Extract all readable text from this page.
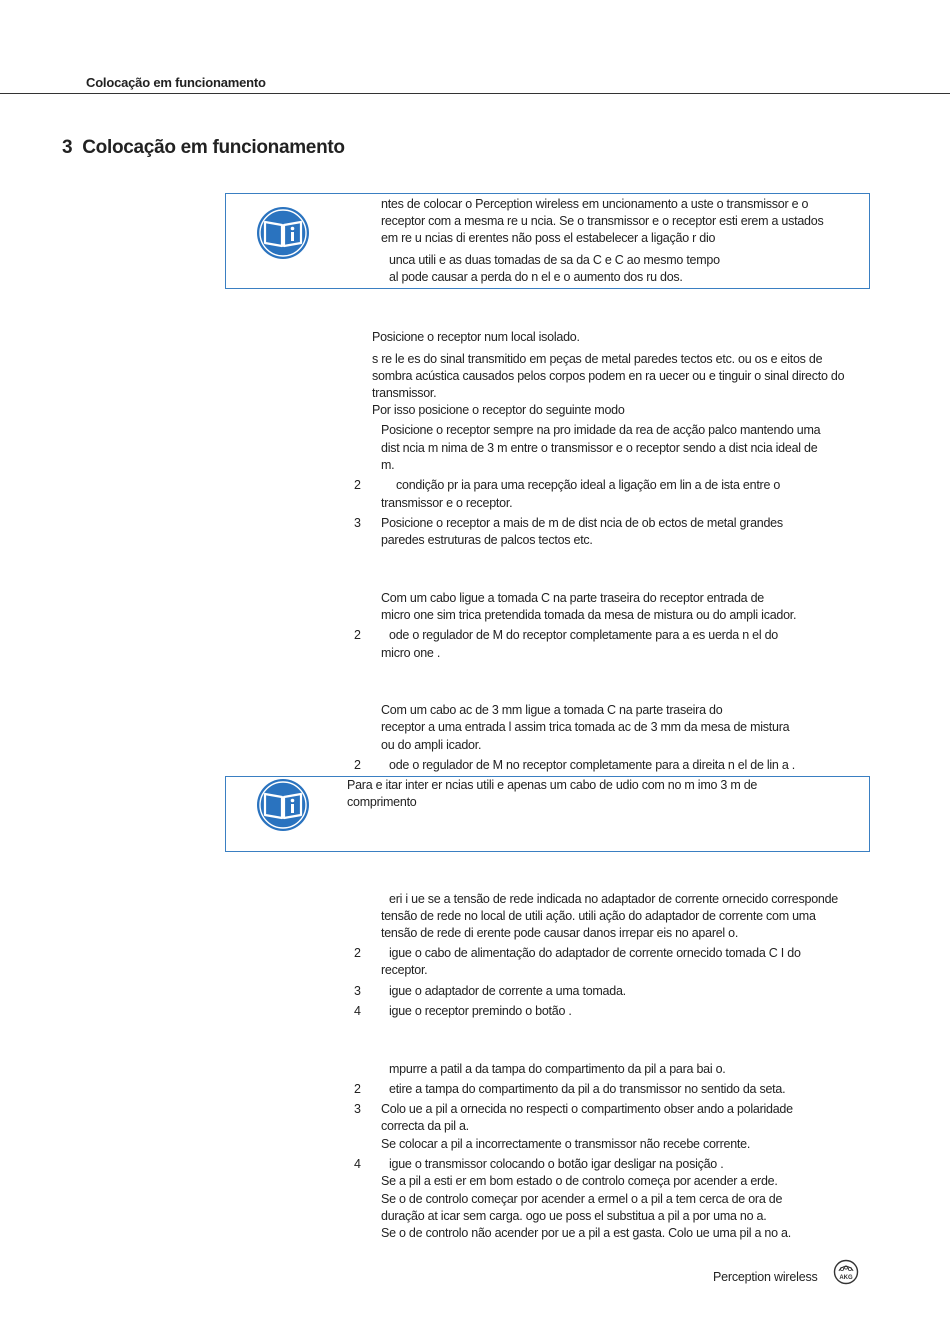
Colocação em funcionamento
3 Colocação em funcionamento
ntes de colocar o Perception wireless em uncionamento a uste o transmissor e o
receptor com a mesma re u ncia. Se o transmissor e o receptor esti erem a ustados
em re u ncias di erentes não poss el estabelecer a ligação r dio
unca utili e as duas tomadas de sa da C e C ao mesmo tempo
al pode causar a perda do n el e o aumento dos ru dos.
Posicione o receptor num local isolado.
s re le es do sinal transmitido em peças de metal paredes tectos etc. ou os e eitos de
sombra acústica causados pelos corpos podem en ra uecer ou e tinguir o sinal directo do
transmissor.
Por isso posicione o receptor do seguinte modo
Posicione o receptor sempre na pro imidade da rea de acção palco mantendo uma
dist ncia m nima de 3 m entre o transmissor e o receptor sendo a dist ncia ideal de
m.
2	condição pr ia para uma recepção ideal a ligação em lin a de ista entre o
transmissor e o receptor.
3 Posicione o receptor a mais de m de dist ncia de ob ectos de metal grandes
paredes estruturas de palcos tectos etc.
Com um cabo ligue a tomada C na parte traseira do receptor entrada de
micro one sim trica pretendida tomada da mesa de mistura ou do ampli icador.
2 ode o regulador de M do receptor completamente para a es uerda n el do
micro one .
Com um cabo ac de 3 mm ligue a tomada C na parte traseira do
receptor a uma entrada l assim trica tomada ac de 3 mm da mesa de mistura
ou do ampli icador.
2 ode o regulador de M no receptor completamente para a direita n el de lin a .
Para e itar inter er ncias utili e apenas um cabo de udio com no m imo 3 m de
comprimento
eri i ue se a tensão de rede indicada no adaptador de corrente ornecido corresponde
tensão de rede no local de utili ação. utili ação do adaptador de corrente com uma
tensão de rede di erente pode causar danos irrepar eis no aparel o.
2 igue o cabo de alimentação do adaptador de corrente ornecido tomada C I do
receptor.
3 igue o adaptador de corrente a uma tomada.
4 igue o receptor premindo o botão .
mpurre a patil a da tampa do compartimento da pil a para bai o.
2 etire a tampa do compartimento da pil a do transmissor no sentido da seta.
3 Colo ue a pil a ornecida no respecti o compartimento obser ando a polaridade
correcta da pil a.
Se colocar a pil a incorrectamente o transmissor não recebe corrente.
4 igue o transmissor colocando o botão igar desligar na posição .
Se a pil a esti er em bom estado o de controlo começa por acender a erde.
Se o de controlo começar por acender a ermel o a pil a tem cerca de ora de
duração at icar sem carga. ogo ue poss el substitua a pil a por uma no a.
Se o de controlo não acender por ue a pil a est gasta. Colo ue uma pil a no a.
Perception wireless	AKG
